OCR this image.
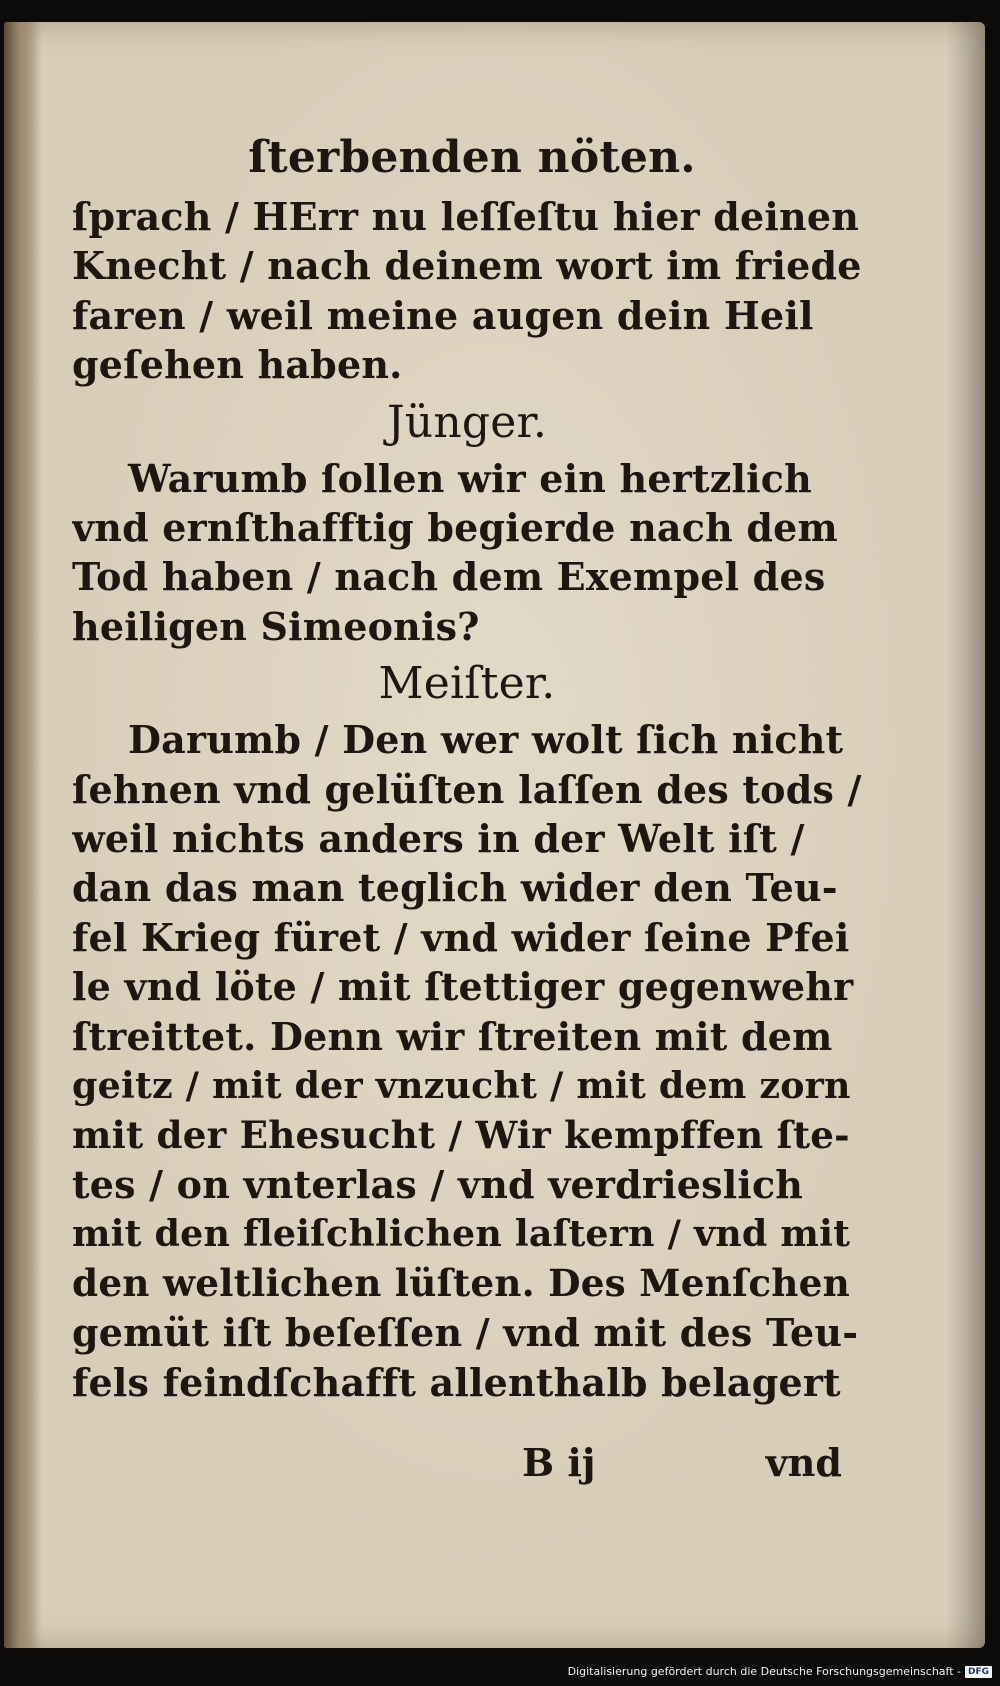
ſterbenden nöten.
ſprach / HErr nu leſſeſtu hier deinen
Knecht / nach deinem wort im friede
faren / weil meine augen dein Heil
geſehen haben.
Jünger.
Warumb ſollen wir ein hertzlich
vnd ernſthafftig begierde nach dem
Tod haben / nach dem Exempel des
heiligen Simeonis?
Meiſter.
Darumb / Den wer wolt ſich nicht
ſehnen vnd gelüſten laſſen des tods /
weil nichts anders in der Welt iſt /
dan das man teglich wider den Teu-
fel Krieg füret / vnd wider ſeine Pfei
le vnd löte / mit ſtettiger gegenwehr
ſtreittet. Denn wir ſtreiten mit dem
geitz / mit der vnzucht / mit dem zorn
mit der Ehesucht / Wir kempffen ſte-
tes / on vnterlas / vnd verdrieslich
mit den fleiſchlichen laſtern / vnd mit
den weltlichen lüſten. Des Menſchen
gemüt iſt beſeſſen / vnd mit des Teu-
fels feindſchafft allenthalb belagert
B ij	vnd
Digitalisierung gefördert durch die Deutsche Forschungsgemeinschaft - DFG
